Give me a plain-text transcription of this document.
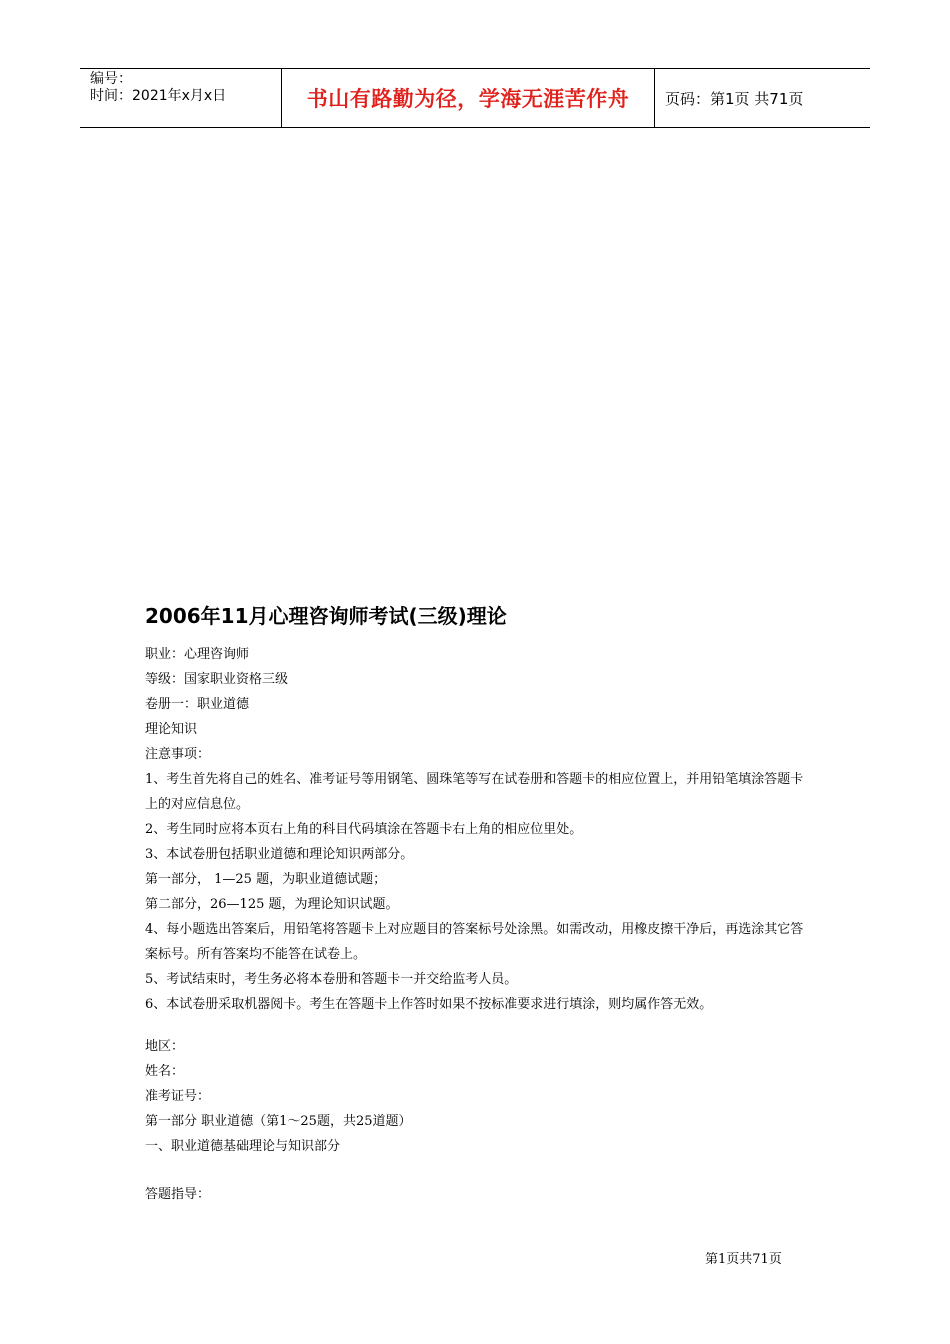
编号：
时间：2021年x月x日	书山有路勤为径，学海无涯苦作舟	页码：第1页 共71页
2006年11月心理咨询师考试(三级)理论

职业：心理咨询师

等级：国家职业资格三级

卷册一：职业道德

理论知识

注意事项：

1、考生首先将自己的姓名、准考证号等用钢笔、圆珠笔等写在试卷册和答题卡的相应位置上，并用铅笔填涂答题卡上的对应信息位。

2、考生同时应将本页右上角的科目代码填涂在答题卡右上角的相应位里处。

3、本试卷册包括职业道德和理论知识两部分。

第一部分， 1—25 题，为职业道德试题；

第二部分，26—125 题，为理论知识试题。

4、每小题选出答案后，用铅笔将答题卡上对应题目的答案标号处涂黑。如需改动，用橡皮擦干净后，再选涂其它答案标号。所有答案均不能答在试卷上。

5、考试结束时，考生务必将本卷册和答题卡一并交给监考人员。

6、本试卷册采取机器阅卡。考生在答题卡上作答时如果不按标准要求进行填涂，则均属作答无效。

地区：

姓名：

准考证号：

第一部分 职业道德（第1～25题，共25道题）

一、职业道德基础理论与知识部分

答题指导：

第1页共71页
